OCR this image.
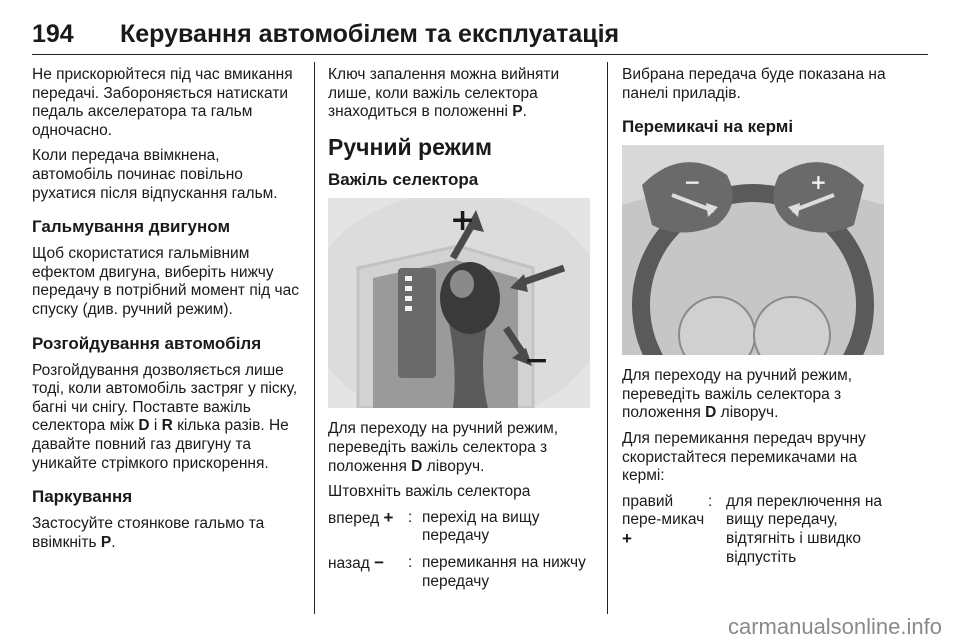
194 Керування автомобілем та експлуатація

Не прискорюйтеся під час вмикання передачі. Забороняється натискати педаль акселератора та гальм одночасно.

Коли передача ввімкнена, автомобіль починає повільно рухатися після відпускання гальм.

Гальмування двигуном

Щоб скористатися гальмівним ефектом двигуна, виберіть нижчу передачу в потрібний момент під час спуску (див. ручний режим).

Розгойдування автомобіля

Розгойдування дозволяється лише тоді, коли автомобіль застряг у піску, багні чи снігу. Поставте важіль селектора між D і R кілька разів. Не давайте повний газ двигуну та уникайте стрімкого прискорення.

Паркування

Застосуйте стоянкове гальмо та ввімкніть P.

Ключ запалення можна вийняти лише, коли важіль селектора знаходиться в положенні P.

Ручний режим
Важіль селектора
+
−

Для переходу на ручний режим, переведіть важіль селектора з положення D ліворуч.

Штовхніть важіль селектора

вперед + : перехід на вищу передачу
назад −	: перемикання на нижчу передачу

Вибрана передача буде показана на панелі приладів.

Перемикачі на кермі
−	+

Для переходу на ручний режим, переведіть важіль селектора з положення D ліворуч.

Для перемикання передач вручну скористайтеся перемикачами на кермі:

правий пере-микач +
: для переключення на вищу передачу, відтягніть і швидко відпустіть
carmanualsonline.info
